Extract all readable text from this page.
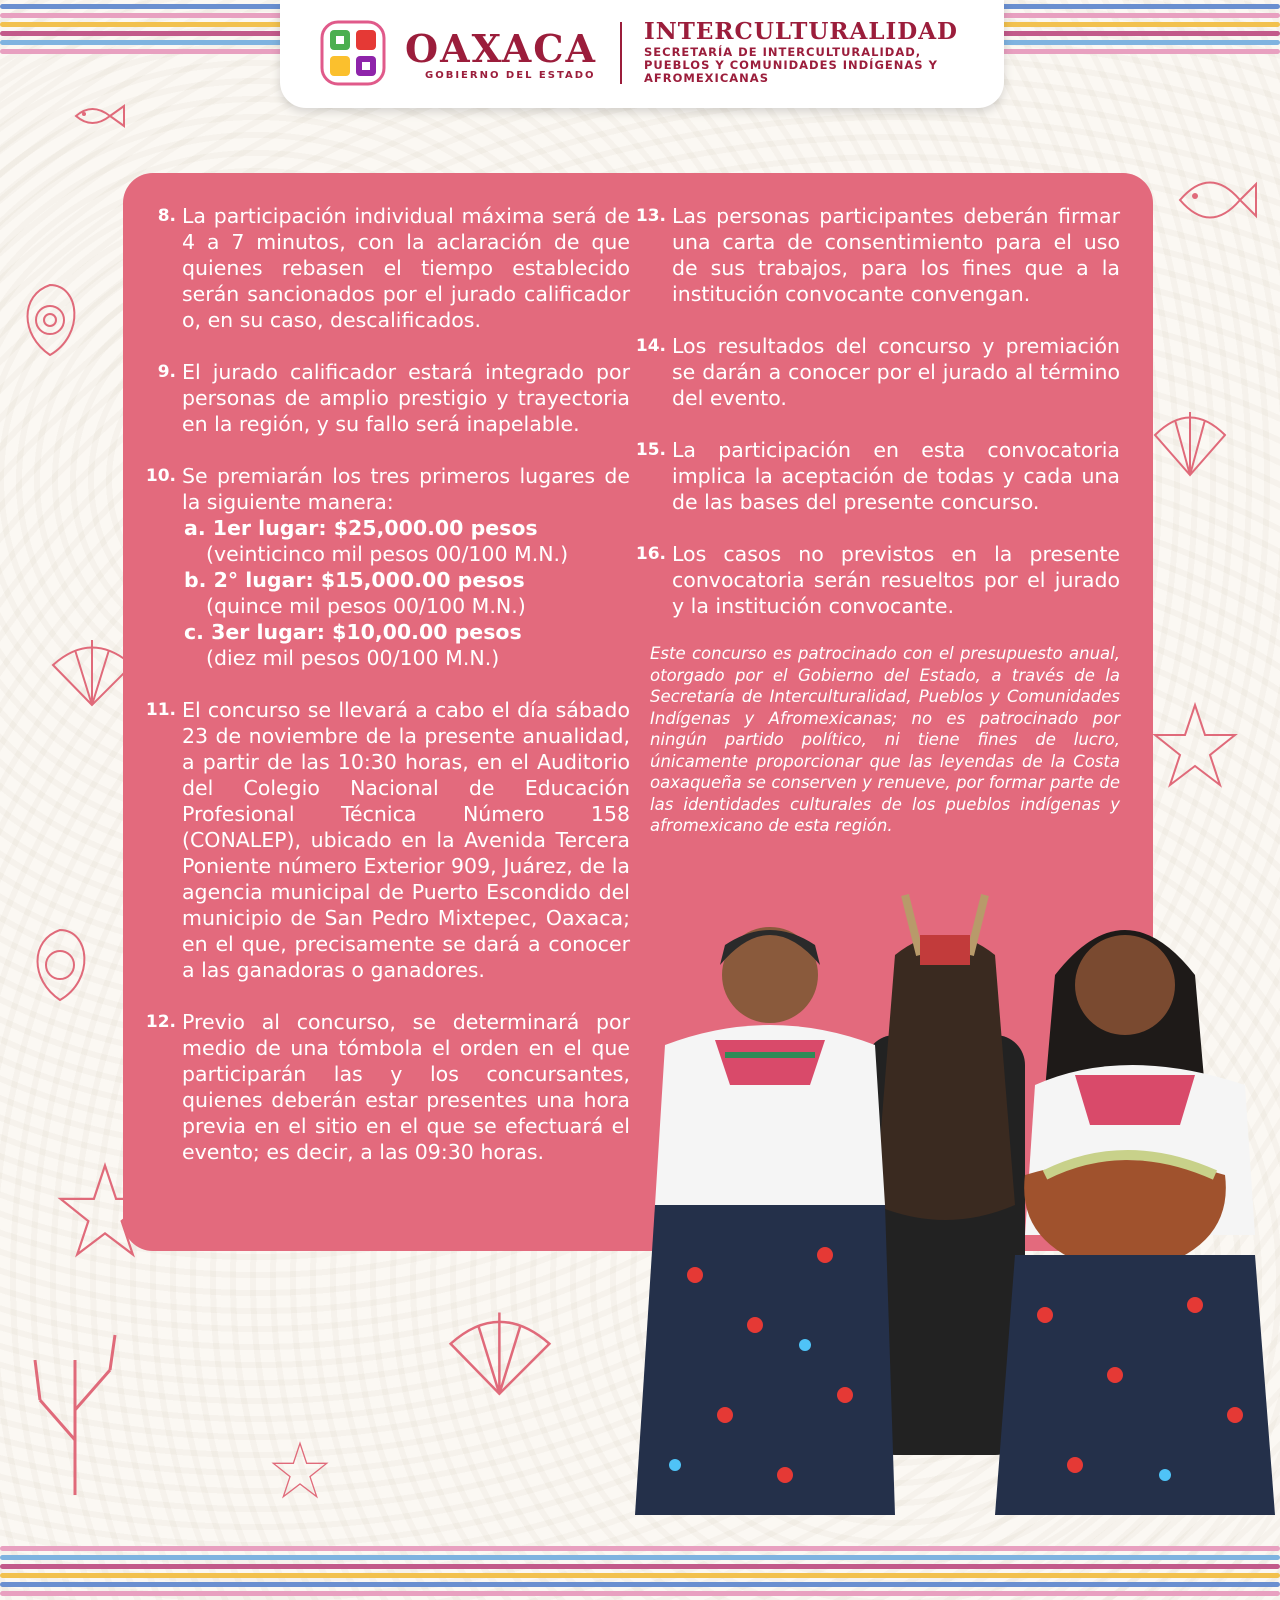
OAXACA
GOBIERNO DEL ESTADO
INTERCULTURALIDAD
SECRETARÍA DE INTERCULTURALIDAD, PUEBLOS Y COMUNIDADES INDÍGENAS Y AFROMEXICANAS
8. La participación individual máxima será de 4 a 7 minutos, con la aclaración de que quienes rebasen el tiempo establecido serán sancionados por el jurado calificador o, en su caso, descalificados.
9. El jurado calificador estará integrado por personas de amplio prestigio y trayectoria en la región, y su fallo será inapelable.
10. Se premiarán los tres primeros lugares de la siguiente manera:
a. 1er lugar: $25,000.00 pesos
(veinticinco mil pesos 00/100 M.N.)
b. 2° lugar: $15,000.00 pesos
(quince mil pesos 00/100 M.N.)
c. 3er lugar: $10,00.00 pesos
(diez mil pesos 00/100 M.N.)
11. El concurso se llevará a cabo el día sábado 23 de noviembre de la presente anualidad, a partir de las 10:30 horas, en el Auditorio del Colegio Nacional de Educación Profesional Técnica Número 158 (CONALEP), ubicado en la Avenida Tercera Poniente número Exterior 909, Juárez, de la agencia municipal de Puerto Escondido del municipio de San Pedro Mixtepec, Oaxaca; en el que, precisamente se dará a conocer a las ganadoras o ganadores.
12. Previo al concurso, se determinará por medio de una tómbola el orden en el que participarán las y los concursantes, quienes deberán estar presentes una hora previa en el sitio en el que se efectuará el evento; es decir, a las 09:30 horas.
13. Las personas participantes deberán firmar una carta de consentimiento para el uso de sus trabajos, para los fines que a la institución convocante convengan.
14. Los resultados del concurso y premiación se darán a conocer por el jurado al término del evento.
15. La participación en esta convocatoria implica la aceptación de todas y cada una de las bases del presente concurso.
16. Los casos no previstos en la presente convocatoria serán resueltos por el jurado y la institución convocante.
Este concurso es patrocinado con el presupuesto anual, otorgado por el Gobierno del Estado, a través de la Secretaría de Interculturalidad, Pueblos y Comunidades Indígenas y Afromexicanas; no es patrocinado por ningún partido político, ni tiene fines de lucro, únicamente proporcionar que las leyendas de la Costa oaxaqueña se conserven y renueve, por formar parte de las identidades culturales de los pueblos indígenas y afromexicano de esta región.
